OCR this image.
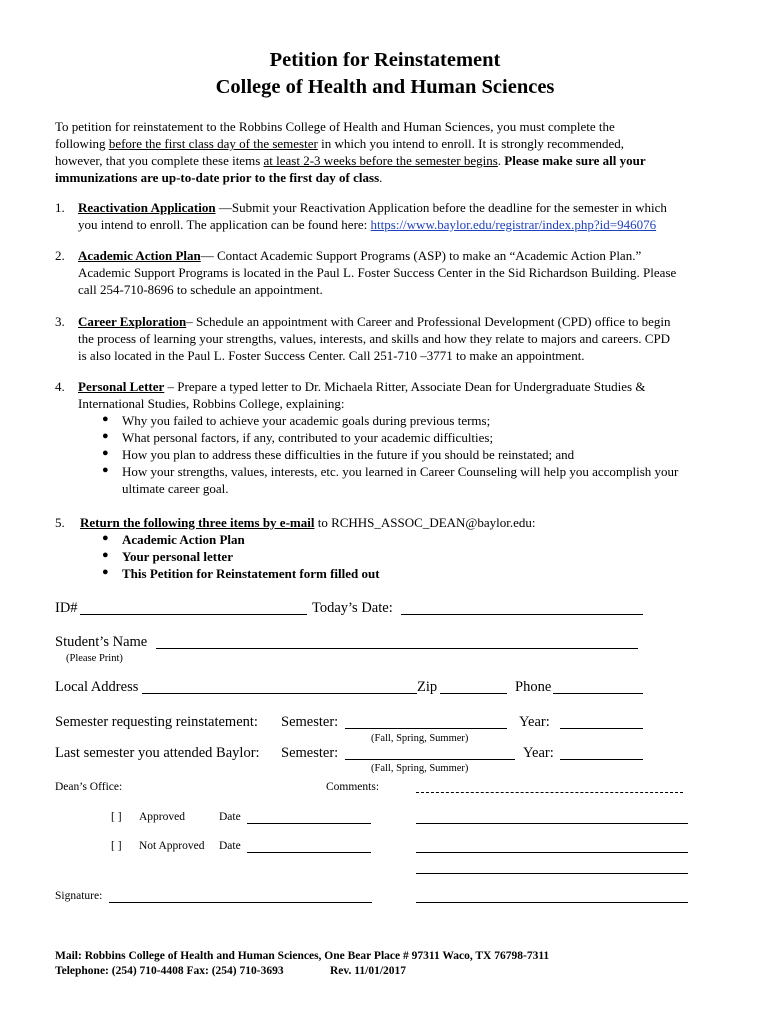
Petition for Reinstatement
College of Health and Human Sciences
To petition for reinstatement to the Robbins College of Health and Human Sciences, you must complete the
following before the first class day of the semester in which you intend to enroll. It is strongly recommended,
however, that you complete these items at least 2-3 weeks before the semester begins. Please make sure all your
immunizations are up-to-date prior to the first day of class.
1. Reactivation Application —Submit your Reactivation Application before the deadline for the semester in which
you intend to enroll. The application can be found here: https://www.baylor.edu/registrar/index.php?id=946076
2. Academic Action Plan— Contact Academic Support Programs (ASP) to make an “Academic Action Plan.”
Academic Support Programs is located in the Paul L. Foster Success Center in the Sid Richardson Building. Please
call 254-710-8696 to schedule an appointment.
3. Career Exploration– Schedule an appointment with Career and Professional Development (CPD) office to begin
the process of learning your strengths, values, interests, and skills and how they relate to majors and careers. CPD
is also located in the Paul L. Foster Success Center. Call 251-710 –3771 to make an appointment.
4. Personal Letter – Prepare a typed letter to Dr. Michaela Ritter, Associate Dean for Undergraduate Studies &
International Studies, Robbins College, explaining:
● Why you failed to achieve your academic goals during previous terms;
● What personal factors, if any, contributed to your academic difficulties;
● How you plan to address these difficulties in the future if you should be reinstated; and
● How your strengths, values, interests, etc. you learned in Career Counseling will help you accomplish your
ultimate career goal.
5. Return the following three items by e-mail to RCHHS_ASSOC_DEAN@baylor.edu:
● Academic Action Plan
● Your personal letter
● This Petition for Reinstatement form filled out
ID#	Today’s Date:
Student’s Name
(Please Print)
Local Address	Zip	Phone
Semester requesting reinstatement: Semester:	Year:
(Fall, Spring, Summer)
Last semester you attended Baylor: Semester:	Year:
(Fall, Spring, Summer)
Dean’s Office:	Comments:
[ ] Approved	Date
[ ] Not Approved Date
Signature:
Mail: Robbins College of Health and Human Sciences, One Bear Place # 97311 Waco, TX 76798-7311
Telephone: (254) 710-4408 Fax: (254) 710-3693	Rev. 11/01/2017
